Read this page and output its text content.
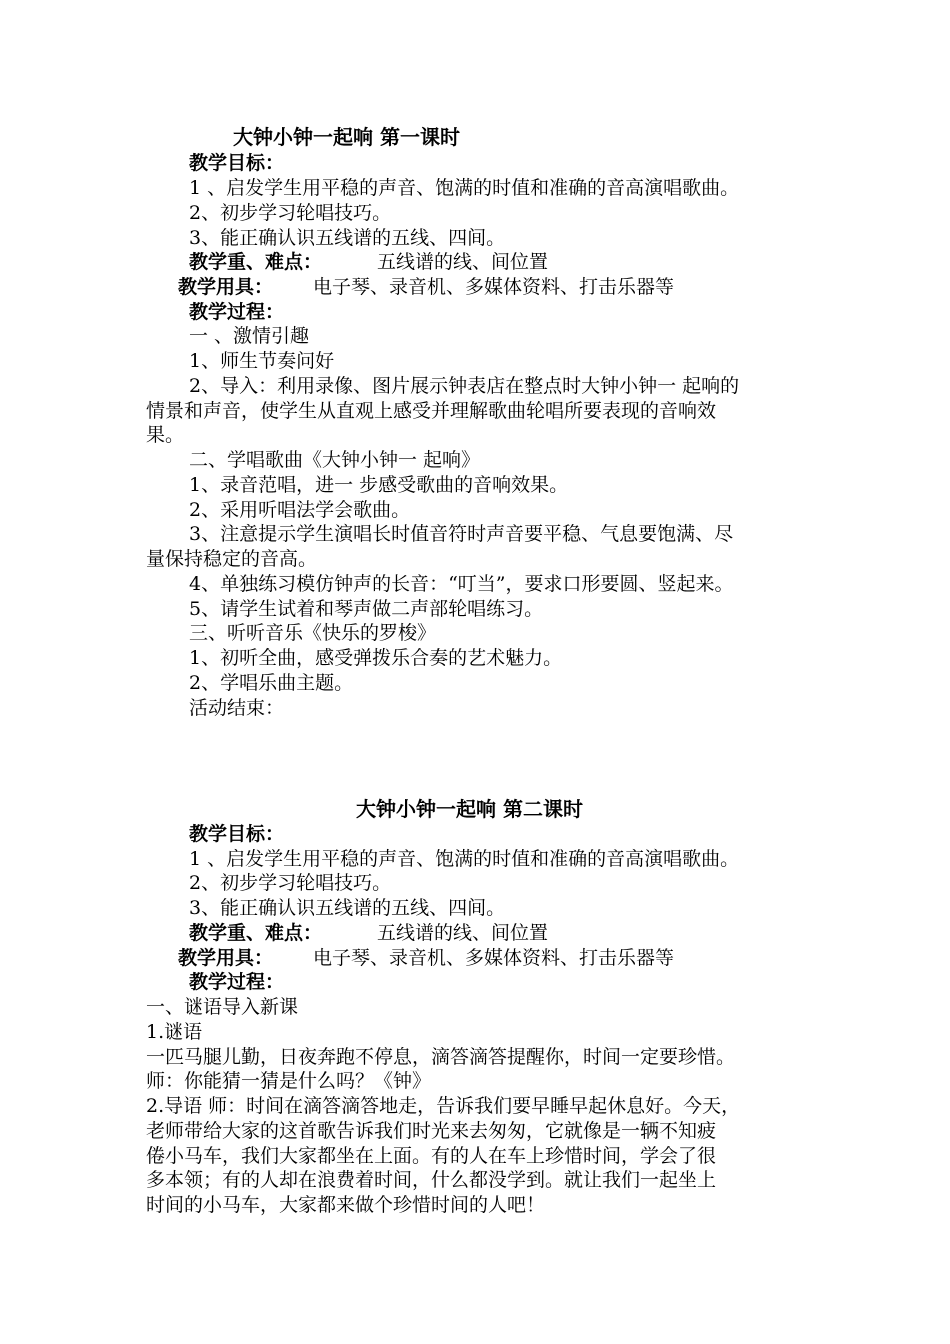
大钟小钟一起响 第一课时
教学目标：
1 、启发学生用平稳的声音、饱满的时值和准确的音高演唱歌曲。
2、初步学习轮唱技巧。
3、能正确认识五线谱的五线、四间。
教学重、难点：	五线谱的线、间位置
教学用具： 电子琴、录音机、多媒体资料、打击乐器等
教学过程：
一 、激情引趣
1、师生节奏问好
2、导入：利用录像、图片展示钟表店在整点时大钟小钟一 起响的
情景和声音，使学生从直观上感受并理解歌曲轮唱所要表现的音响效
果。
二、学唱歌曲《大钟小钟一 起响》
1、录音范唱，进一 步感受歌曲的音响效果。
2、采用听唱法学会歌曲。
3、注意提示学生演唱长时值音符时声音要平稳、气息要饱满、尽
量保持稳定的音高。
4、单独练习模仿钟声的长音：“叮当”，要求口形要圆、竖起来。
5、请学生试着和琴声做二声部轮唱练习。
三、听听音乐《快乐的罗梭》
1、初听全曲，感受弹拨乐合奏的艺术魅力。
2、学唱乐曲主题。
活动结束：
大钟小钟一起响 第二课时
教学目标：
1 、启发学生用平稳的声音、饱满的时值和准确的音高演唱歌曲。
2、初步学习轮唱技巧。
3、能正确认识五线谱的五线、四间。
教学重、难点：	五线谱的线、间位置
教学用具： 电子琴、录音机、多媒体资料、打击乐器等
教学过程：
一、谜语导入新课
1.谜语
一匹马腿儿勤，日夜奔跑不停息，滴答滴答提醒你，时间一定要珍惜。
师：你能猜一猜是什么吗？《钟》
2.导语 师：时间在滴答滴答地走，告诉我们要早睡早起休息好。今天，
老师带给大家的这首歌告诉我们时光来去匆匆，它就像是一辆不知疲
倦小马车，我们大家都坐在上面。有的人在车上珍惜时间，学会了很
多本领；有的人却在浪费着时间，什么都没学到。就让我们一起坐上
时间的小马车，大家都来做个珍惜时间的人吧！
